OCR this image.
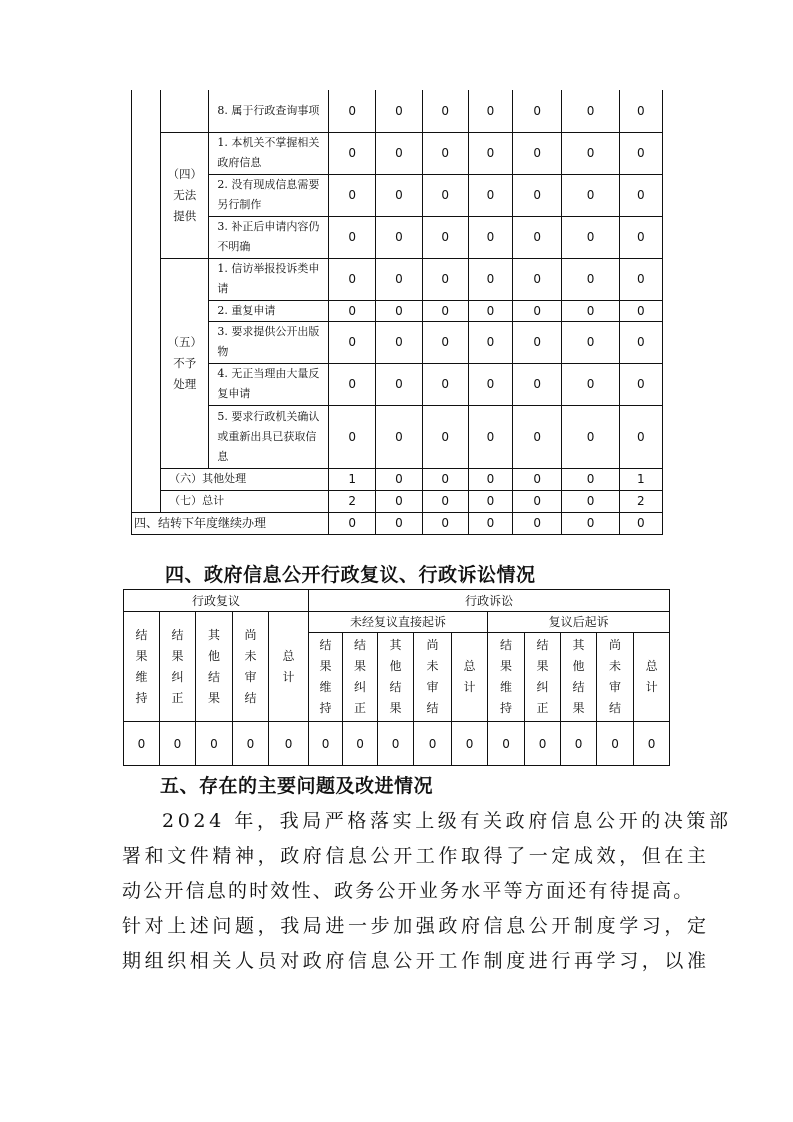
		8. 属于行政查询事项	0	0	0	0	0	0	0

（四）
无法
提供
	1. 本机关不掌握相关政府信息	0	0	0	0	0	0	0
2. 没有现成信息需要另行制作	0	0	0	0	0	0	0
3. 补正后申请内容仍不明确	0	0	0	0	0	0	0

（五）
不予
处理
	1. 信访举报投诉类申请	0	0	0	0	0	0	0
2. 重复申请	0	0	0	0	0	0	0
3. 要求提供公开出版物	0	0	0	0	0	0	0
4. 无正当理由大量反复申请	0	0	0	0	0	0	0
5. 要求行政机关确认或重新出具已获取信息	0	0	0	0	0	0	0
（六）其他处理	1	0	0	0	0	0	1
（七）总计	2	0	0	0	0	0	2
四、结转下年度继续办理	0	0	0	0	0	0	0
四、政府信息公开行政复议、行政诉讼情况
行政复议	行政诉讼
结果维持	结果纠正	其他结果	尚未审结	总计	未经复议直接起诉	复议后起诉
结果维持	结果纠正	其他结果	尚未审结	总计	结果维持	结果纠正	其他结果	尚未审结	总计
0	0	0	0	0	0	0	0	0	0	0	0	0	0	0
五、存在的主要问题及改进情况
2024 年，我局严格落实上级有关政府信息公开的决策部
署和文件精神，政府信息公开工作取得了一定成效，但在主
动公开信息的时效性、政务公开业务水平等方面还有待提高。
针对上述问题，我局进一步加强政府信息公开制度学习，定
期组织相关人员对政府信息公开工作制度进行再学习，以准
